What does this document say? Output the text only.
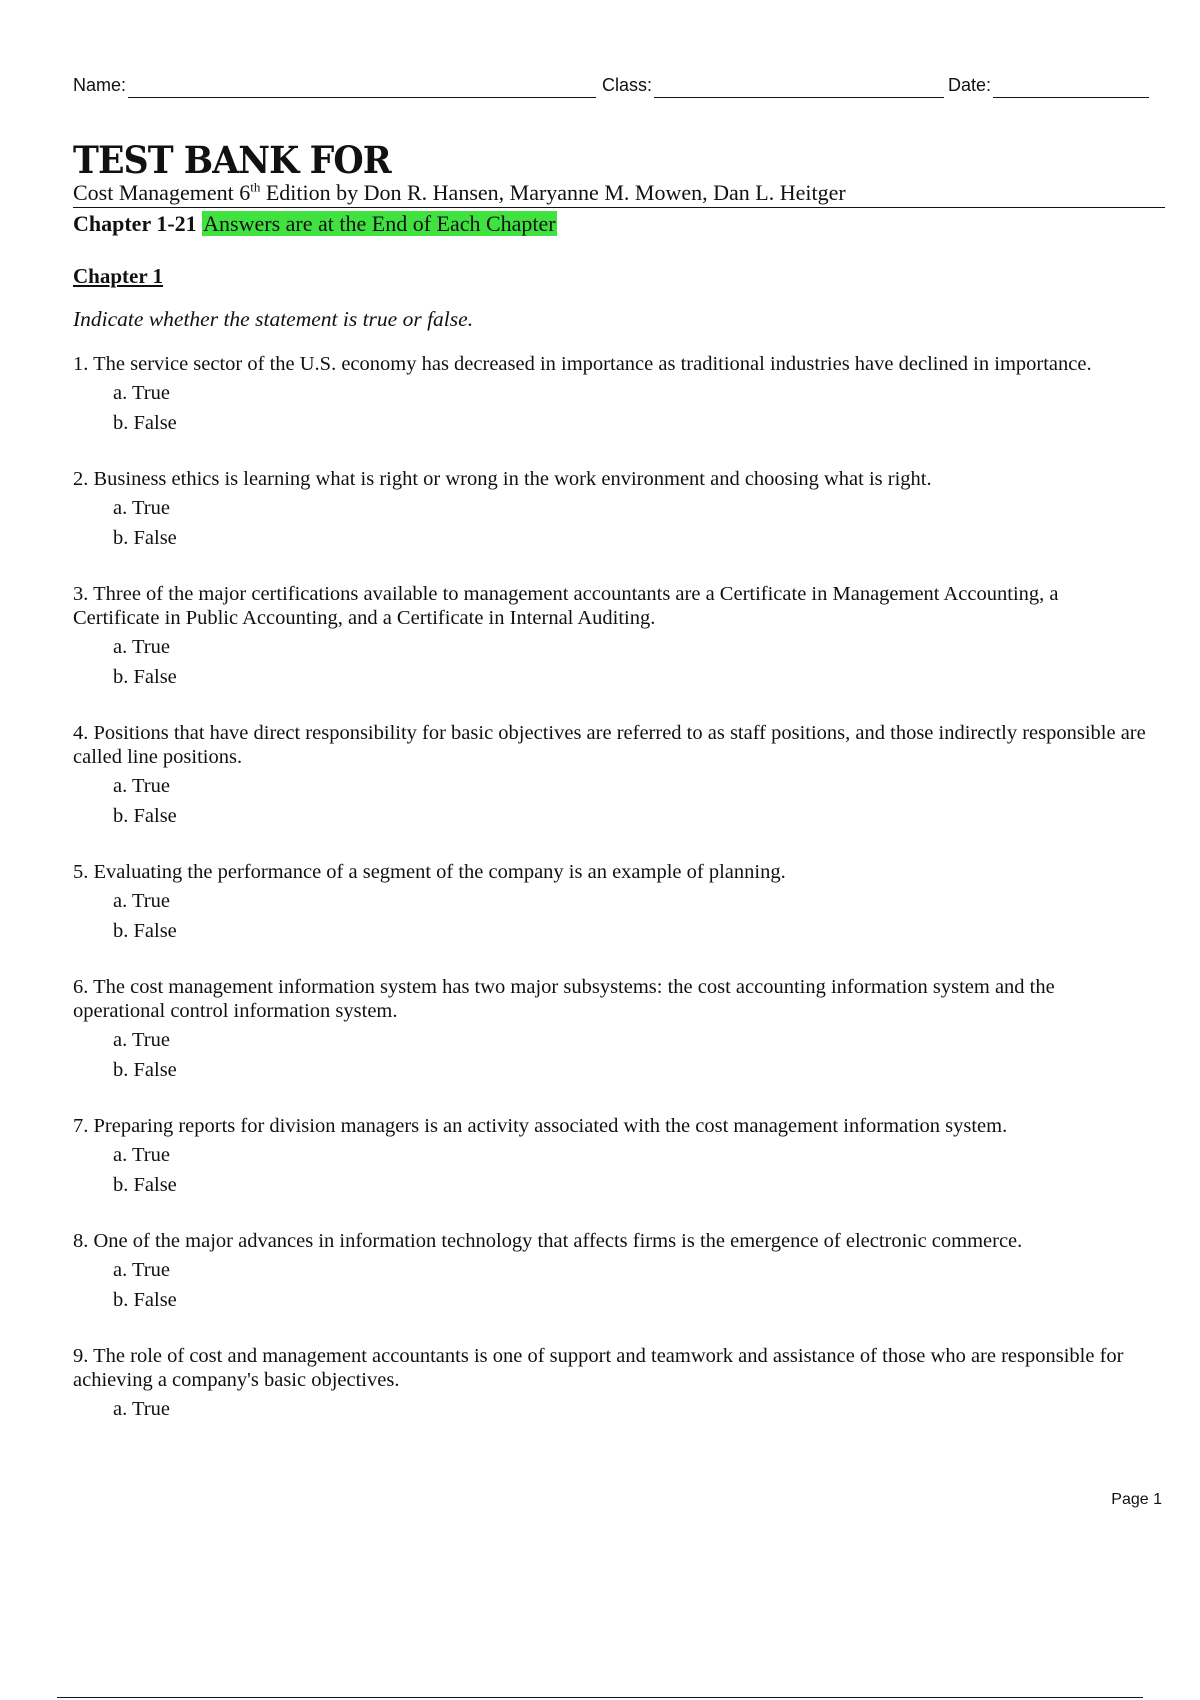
Name:	Class:	Date:
TEST BANK FOR
Cost Management 6th Edition by Don R. Hansen, Maryanne M. Mowen, Dan L. Heitger
Chapter 1-21 Answers are at the End of Each Chapter
Chapter 1
Indicate whether the statement is true or false.
1. The service sector of the U.S. economy has decreased in importance as traditional industries have declined in importance.
a. True
b. False
2. Business ethics is learning what is right or wrong in the work environment and choosing what is right.
a. True
b. False
3. Three of the major certifications available to management accountants are a Certificate in Management Accounting, a Certificate in Public Accounting, and a Certificate in Internal Auditing.
a. True
b. False
4. Positions that have direct responsibility for basic objectives are referred to as staff positions, and those indirectly responsible are called line positions.
a. True
b. False
5. Evaluating the performance of a segment of the company is an example of planning.
a. True
b. False
6. The cost management information system has two major subsystems: the cost accounting information system and the operational control information system.
a. True
b. False
7. Preparing reports for division managers is an activity associated with the cost management information system.
a. True
b. False
8. One of the major advances in information technology that affects firms is the emergence of electronic commerce.
a. True
b. False
9. The role of cost and management accountants is one of support and teamwork and assistance of those who are responsible for achieving a company's basic objectives.
a. True
Page 1
